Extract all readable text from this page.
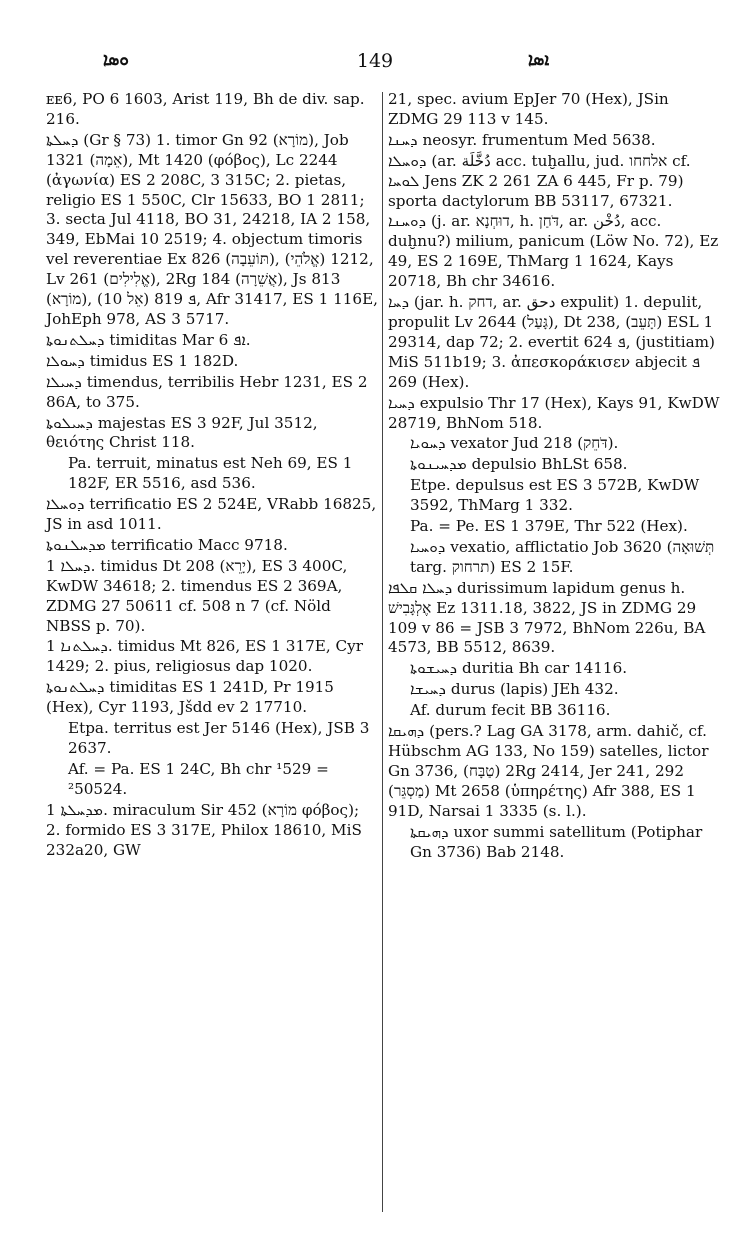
ܘܣܐ	149	ܐܣܐ
ᴇᴇ6, PO 6 1603, Arist 119, Bh de div. sap. 216.
ܕܚܠܬܐ (Gr § 73) 1. timor Gn 92 (מוֹרָא), Job 1321 (אֵמָה), Mt 1420 (φόβος), Lc 2244 (ἀγωνία) ES 2 208C, 3 315C; 2. pietas, religio ES 1 550C, Clr 15633, BO 1 2811; 3. secta Jul 4118, BO 31, 24218, IA 2 158, 349, EbMai 10 2519; 4. objectum timoris vel reverentiae Ex 826 (תּוֹעֵבָה), 1212 (אֱלֹהֵי), Lv 261 (אֱלִילִים), 2Rg 184 (אֲשֵׁרָה), Js 813 (מוֹרָא), ܦ 819 (אֵל 10), Afr 31417, ES 1 116E, JohEph 978, AS 3 5717.
ܕܚܠܬܢܘܬܐ timiditas Mar ܐܦ 6.
ܕܚܘܠܐ timidus ES 1 182D.
ܕܚܝܠܐ timendus, terribilis Hebr 1231, ES 2 86A, to 375.
ܕܚܝܠܘܬܐ majestas ES 3 92F, Jul 3512, θειότης Christ 118.
Pa. terruit, minatus est Neh 69, ES 1 182F, ER 5516, asd 536.
ܕܘܚܠܐ terrificatio ES 2 524E, VRabb 16825, JS in asd 1011.
ܡܕܚܠܢܘܬܐ terrificatio Macc 9718.
ܕܚܠܐ 1. timidus Dt 208 (יָרֵא), ES 3 400C, KwDW 34618; 2. timendus ES 2 369A, ZDMG 27 50611 cf. 508 n 7 (cf. Nöld NBSS p. 70).
ܕܚܠܬܢܐ 1. timidus Mt 826, ES 1 317E, Cyr 1429; 2. pius, religiosus dap 1020.
ܕܚܠܬܢܘܬܐ timiditas ES 1 241D, Pr 1915 (Hex), Cyr 1193, Jšdd ev 2 17710.
Etpa. territus est Jer 5146 (Hex), JSB 3 2637.
Af. = Pa. ES 1 24C, Bh chr ¹529 = ²50524.
ܡܕܚܠܬܐ 1. miraculum Sir 452 (מוֹרָא φόβος); 2. formido ES 3 317E, Philox 18610, MiS 232a20, GW
21, spec. avium EpJer 70 (Hex), JSin ZDMG 29 113 v 145.
ܕܚܢܐ neosyr. frumentum Med 5638.
ܕܘܚܠܐ (ar. دُخَّلَة acc. tuḫallu, jud. אלחחו cf. ܠܘܚܐ Jens ZK 2 261 ZA 6 445, Fr p. 79) sporta dactylorum BB 53117, 67321.
ܕܘܚܢܐ (j. ar. דוּחְנָא, h. דֹּחַן, ar. دُخْن, acc. duḫnu?) milium, panicum (Löw No. 72), Ez 49, ES 2 169E, ThMarg 1 1624, Kays 20718, Bh chr 34616.
ܕܚܐ (jar. h. דחק, ar. دحق expulit) 1. depulit, propulit Lv 2644 (גָּעַל), Dt 238, (תָּעֵב) ESL 1 29314, dap 72; 2. evertit ܦ 624, (justitiam) MiS 511b19; 3. ἀπεσκοράκισεν abjecit ܦ 269 (Hex).
ܕܚܝܐ expulsio Thr 17 (Hex), Kays 91, KwDW 28719, BhNom 518.
ܕܚܘܝܐ vexator Jud 218 (דֹּחֵק).
ܡܕܚܝܢܘܬܐ depulsio BhLSt 658.
Etpe. depulsus est ES 3 572B, KwDW 3592, ThMarg 1 332.
Pa. = Pe. ES 1 379E, Thr 522 (Hex).
ܕܘܚܝܐ vexatio, afflictatio Job 3620 (תְּשׁוּאָה targ. תרחוק) ES 2 15F.
ܕܚܠܐ ܩܠܦܐ durissimum lapidum genus h. אֶלְגָּבִישׁ Ez 1311.18, 3822, JS in ZDMG 29 109 v 86 = JSB 3 7972, BhNom 226u, BA 4573, BB 5512, 8639.
ܕܚܝܫܘܬܐ duritia Bh car 14116.
ܕܚܝܫܐ durus (lapis) JEh 432.
Af. durum fecit BB 36116.
ܕܗܝܩܐ (pers.? Lag GA 3178, arm. dahič, cf. Hübschm AG 133, No 159) satelles, lictor Gn 3736, (טַבָּח) 2Rg 2414, Jer 241, 292 (מַסְגֵּר) Mt 2658 (ὑπηρέτης) Afr 388, ES 1 91D, Narsai 1 3335 (s. l.).
ܕܗܝܩܬܐ uxor summi satellitum (Potiphar Gn 3736) Bab 2148.
